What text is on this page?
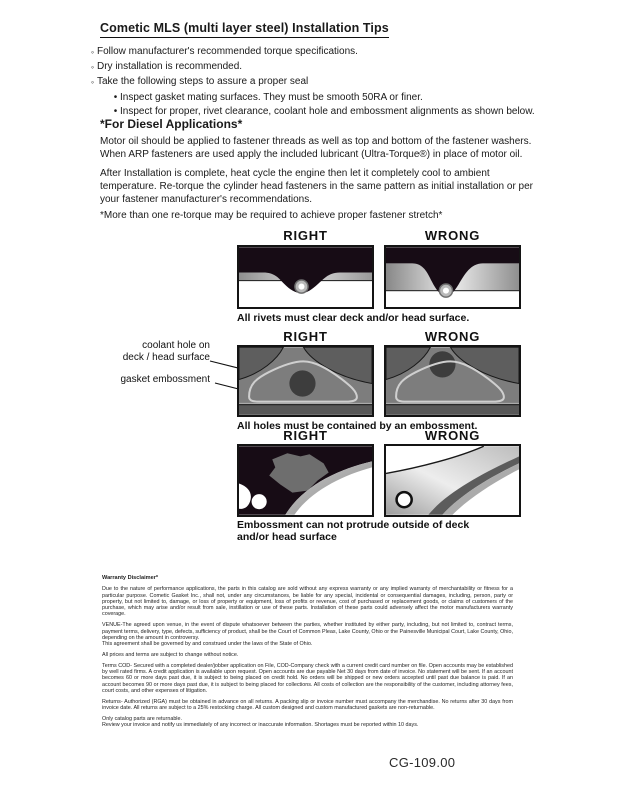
Cometic MLS (multi layer steel) Installation Tips
◦
Follow manufacturer's recommended torque specifications.
◦
Dry installation is recommended.
◦
Take the following steps to assure a proper seal
•
Inspect gasket mating surfaces. They must be smooth 50RA or finer.
•
Inspect for proper, rivet clearance, coolant hole and embossment alignments as shown below.
*For Diesel Applications*
Motor oil should be applied to fastener threads as well as top and bottom of the fastener washers. When ARP fasteners are used apply the included lubricant (Ultra-Torque®) in place of motor oil.
After Installation is complete, heat cycle the engine then let it completely cool to ambient temperature. Re-torque the cylinder head fasteners in the same pattern as initial installation or per your fastener manufacturer's recommendations.
*More than one re-torque may be required to achieve proper fastener stretch*
RIGHT	WRONG
All rivets must clear deck and/or head surface.
RIGHT	WRONG
coolant hole on
deck / head surface
gasket embossment
All holes must be contained by an embossment.
RIGHT	WRONG
Embossment can not protrude outside of deck and/or head surface

Warranty Disclaimer*

Due to the nature of performance applications, the parts in this catalog are sold without any express warranty or any implied warranty of merchantability or fitness for a particular purpose. Cometic Gasket Inc., shall not, under any circumstances, be liable for any special, incidental or consequential damages, including, person, party or property, but not limited to, damage, or loss of property or equipment, loss of profits or revenue, cost of purchased or replacement goods, or claims of customers of the purchase, which may arise and/or result from sale, instillation or use of these parts. Installation of these parts could adversely affect the motor manufacturers warranty coverage.

VENUE-The agreed upon venue, in the event of dispute whatsoever between the parties, whether instituted by either party, including, but not limited to, contract terms, payment terms, delivery, type, defects, sufficiency of product, shall be the Court of Common Pleas, Lake County, Ohio or the Painesville Municipal Court, Lake County, Ohio, depending on the amount in controversy.

This agreement shall be governed by and construed under the laws of the State of Ohio.

All prices and terms are subject to change without notice.

Terms COD- Secured with a completed dealer/jobber application on File, COD-Company check with a current credit card number on file. Open accounts may be established by well rated firms. A credit application is available upon request. Open accounts are due payable Net 30 days from date of invoice. No statement will be sent. If an account becomes 60 or more days past due, it is subject to being placed on credit hold. No orders will be shipped or new orders accepted until past due balance is paid. If an account becomes 90 or more days past due, it is subject to being placed for collections. All costs of collection are the responsibility of the customer, including attorney fees, court costs, and other expenses of litigation.

Returns- Authorized (RGA) must be obtained in advance on all returns. A packing slip or invoice number must accompany the merchandise. No returns after 30 days from invoice date. All returns are subject to a 25% restocking charge. All custom designed and custom manufactured gaskets are non-returnable.

Only catalog parts are returnable.

Review your invoice and notify us immediately of any incorrect or inaccurate information. Shortages must be reported within 10 days.

CG-109.00
